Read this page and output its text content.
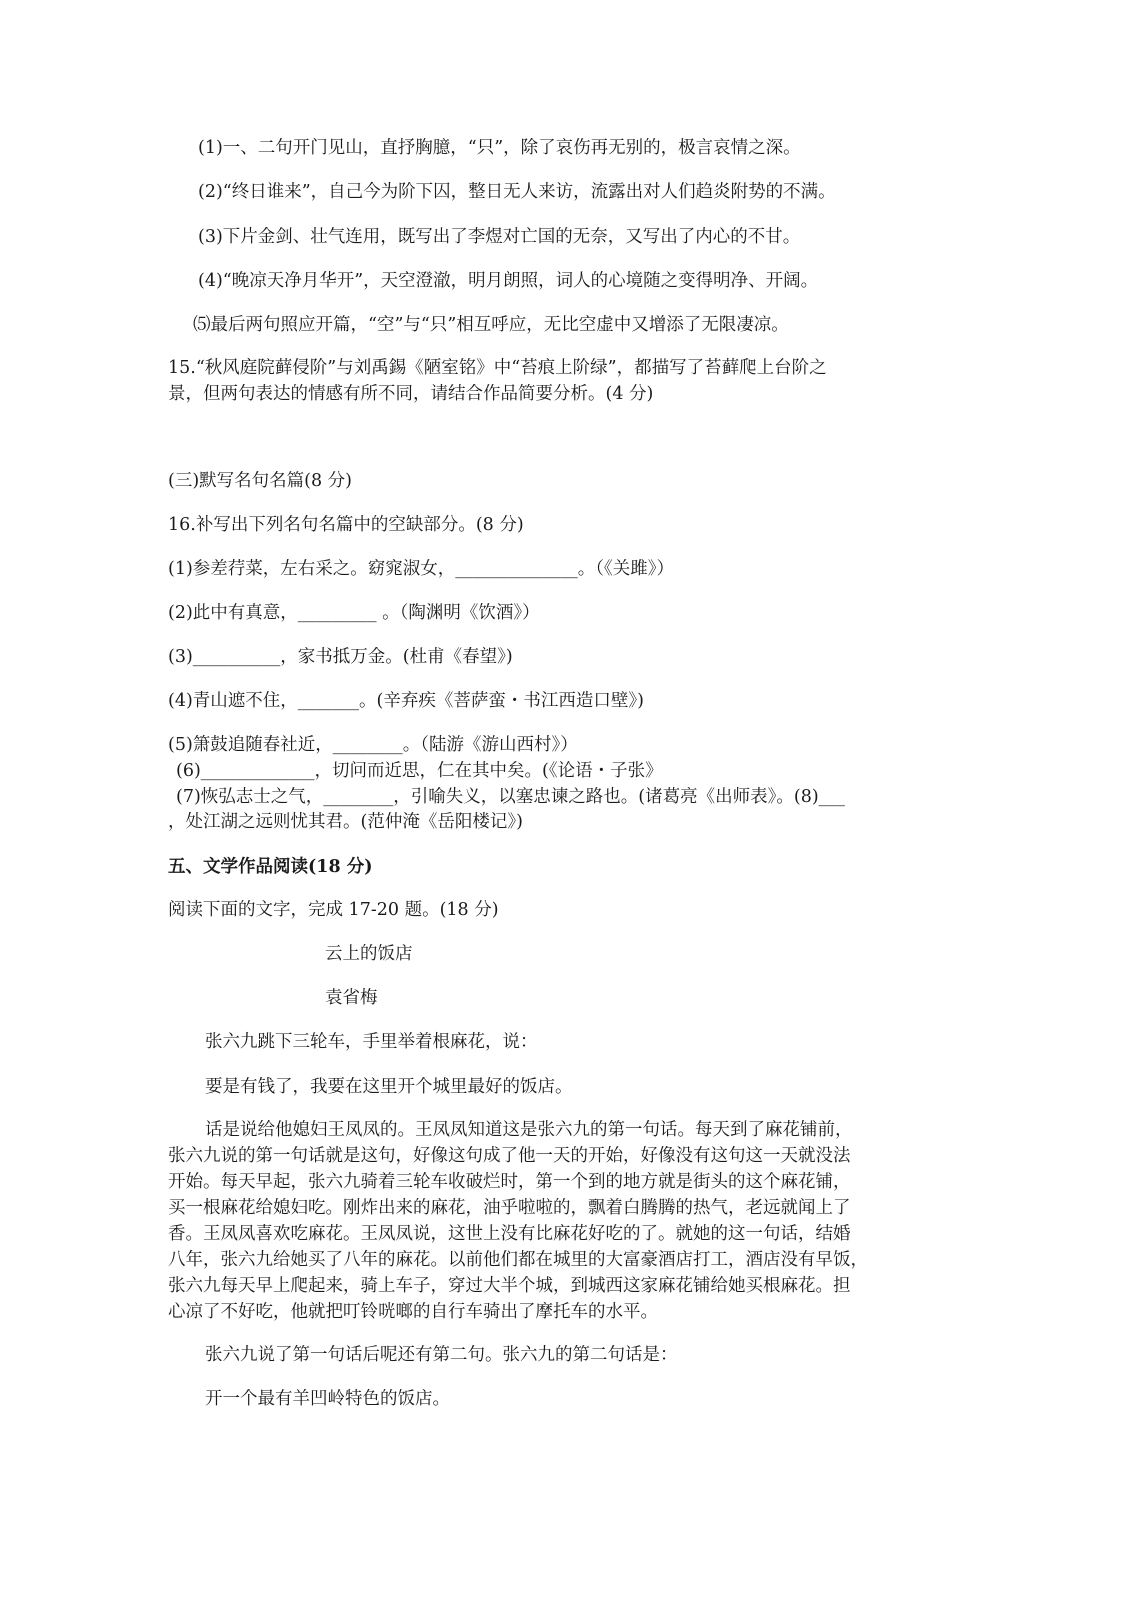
(1)一、二句开门见山，直抒胸臆，“只”，除了哀伤再无别的，极言哀情之深。
(2)“终日谁来”，自己今为阶下囚，整日无人来访，流露出对人们趋炎附势的不满。
(3)下片金剑、壮气连用，既写出了李煜对亡国的无奈，又写出了内心的不甘。
(4)“晚凉天净月华开”，天空澄澈，明月朗照，词人的心境随之变得明净、开阔。
⑸最后两句照应开篇，“空”与“只”相互呼应，无比空虚中又增添了无限凄凉。
15.“秋风庭院藓侵阶”与刘禹錫《陋室铭》中“苔痕上阶绿”，都描写了苔藓爬上台阶之
景，但两句表达的情感有所不同，请结合作品简要分析。(4 分)
(三)默写名句名篇(8 分)
16.补写出下列名句名篇中的空缺部分。(8 分)
(1)参差荇菜，左右采之。窈窕淑女，______________。（《关雎》）
(2)此中有真意，_________ 。（陶渊明《饮酒》）
(3)__________，家书抵万金。(杜甫《春望》)
(4)青山遮不住，_______。(辛弃疾《菩萨蛮・书江西造口壁》)
(5)箫鼓追随春社近，________。（陆游《游山西村》）
(6)_____________，切问而近思，仁在其中矣。(《论语・子张》
(7)恢弘志士之气，________，引喻失义，以塞忠谏之路也。(诸葛亮《出师表》。(8)___
，处江湖之远则忧其君。(范仲淹《岳阳楼记》)
五、文学作品阅读(18 分)
阅读下面的文字，完成 17-20 题。(18 分)
云上的饭店
袁省梅
张六九跳下三轮车，手里举着根麻花，说：
要是有钱了，我要在这里开个城里最好的饭店。
话是说给他媳妇王凤凤的。王凤凤知道这是张六九的第一句话。每天到了麻花铺前，
张六九说的第一句话就是这句，好像这句成了他一天的开始，好像没有这句这一天就没法
开始。每天早起，张六九骑着三轮车收破烂时，第一个到的地方就是街头的这个麻花铺，
买一根麻花给媳妇吃。刚炸出来的麻花，油乎啦啦的，飘着白腾腾的热气，老远就闻上了
香。王凤凤喜欢吃麻花。王凤凤说，这世上没有比麻花好吃的了。就她的这一句话，结婚
八年，张六九给她买了八年的麻花。以前他们都在城里的大富豪酒店打工，酒店没有早饭，
张六九每天早上爬起来，骑上车子，穿过大半个城，到城西这家麻花铺给她买根麻花。担
心凉了不好吃，他就把叮铃咣啷的自行车骑出了摩托车的水平。
张六九说了第一句话后呢还有第二句。张六九的第二句话是：
开一个最有羊凹岭特色的饭店。
